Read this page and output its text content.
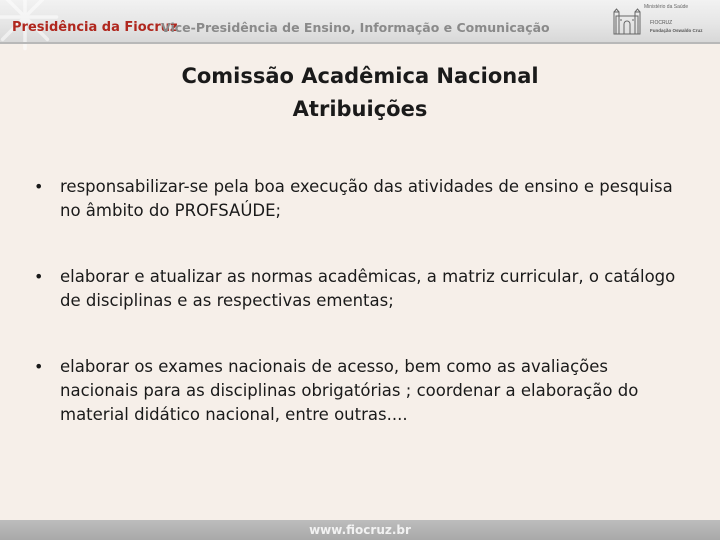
Presidência da Fiocruz
Vice-Presidência de Ensino, Informação e Comunicação
Ministério da Saúde
FIOCRUZ
Fundação Oswaldo Cruz
Comissão Acadêmica Nacional
Atribuições
• responsabilizar-se pela boa execução das atividades de ensino e pesquisa no âmbito do PROFSAÚDE;
• elaborar e atualizar as normas acadêmicas, a matriz curricular, o catálogo de disciplinas e as respectivas ementas;
• elaborar os exames nacionais de acesso, bem como as avaliações nacionais para as disciplinas obrigatórias ; coordenar a elaboração do material didático nacional, entre outras....
www.fiocruz.br
